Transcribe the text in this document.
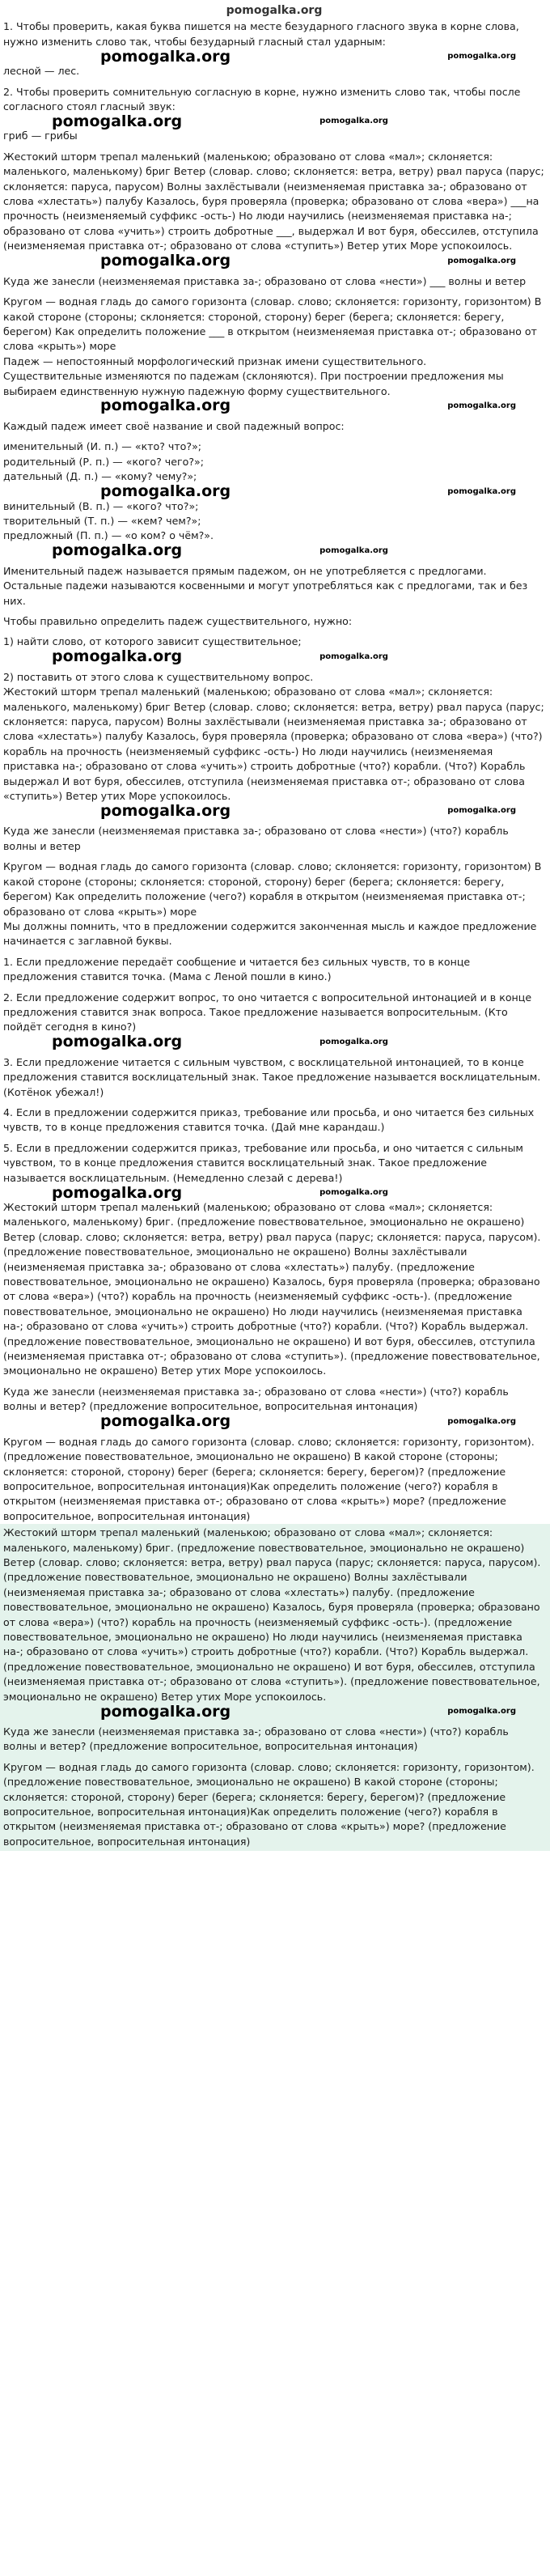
pomogalka.org

1. Чтобы проверить, какая буква пишется на месте безударного гласного звука в корне слова, нужно изменить слово так, чтобы безударный гласный стал ударным:

pomogalka.org	pomogalka.org

лесной — лес.

2. Чтобы проверить сомнительную согласную в корне, нужно изменить слово так, чтобы после согласного стоял гласный звук:

pomogalka.org	pomogalka.org

гриб — грибы

Жестокий шторм трепал маленький (маленькою; образовано от слова «мал»; склоняется: маленького, маленькому) бриг Ветер (словар. слово; склоняется: ветра, ветру) рвал паруса (парус; склоняется: паруса, парусом) Волны захлёстывали (неизменяемая приставка за-; образовано от слова «хлестать») палубу Казалось, буря проверяла (проверка; образовано от слова «вера») ___на прочность (неизменяемый суффикс -ость-) Но люди научились (неизменяемая приставка на-; образовано от слова «учить») строить добротные ___, выдержал И вот буря, обессилев, отступила (неизменяемая приставка от-; образовано от слова «ступить») Ветер утих Море успокоилось.

pomogalka.org	pomogalka.org

Куда же занесли (неизменяемая приставка за-; образовано от слова «нести») ___ волны и ветер

Кругом — водная гладь до самого горизонта (словар. слово; склоняется: горизонту, горизонтом) В какой стороне (стороны; склоняется: стороной, сторону) берег (берега; склоняется: берегу, берегом) Как определить положение ___ в открытом (неизменяемая приставка от-; образовано от слова «крыть») море

Падеж — непостоянный морфологический признак имени существительного.

Существительные изменяются по падежам (склоняются). При построении предложения мы выбираем единственную нужную падежную форму существительного.

pomogalka.org	pomogalka.org

Каждый падеж имеет своё название и свой падежный вопрос:

именительный (И. п.) — «кто? что?»;

родительный (Р. п.) — «кого? чего?»;

дательный (Д. п.) — «кому? чему?»;

pomogalka.org	pomogalka.org

винительный (В. п.) — «кого? что?»;

творительный (Т. п.) — «кем? чем?»;

предложный (П. п.) — «о ком? о чём?».

pomogalka.org	pomogalka.org

Именительный падеж называется прямым падежом, он не употребляется с предлогами. Остальные падежи называются косвенными и могут употребляться как с предлогами, так и без них.

Чтобы правильно определить падеж существительного, нужно:

1) найти слово, от которого зависит существительное;

pomogalka.org	pomogalka.org

2) поставить от этого слова к существительному вопрос.

Жестокий шторм трепал маленький (маленькою; образовано от слова «мал»; склоняется: маленького, маленькому) бриг Ветер (словар. слово; склоняется: ветра, ветру) рвал паруса (парус; склоняется: паруса, парусом) Волны захлёстывали (неизменяемая приставка за-; образовано от слова «хлестать») палубу Казалось, буря проверяла (проверка; образовано от слова «вера») (что?) корабль на прочность (неизменяемый суффикс -ость-) Но люди научились (неизменяемая приставка на-; образовано от слова «учить») строить добротные (что?) корабли. (Что?) Корабль выдержал И вот буря, обессилев, отступила (неизменяемая приставка от-; образовано от слова «ступить») Ветер утих Море успокоилось.

pomogalka.org	pomogalka.org

Куда же занесли (неизменяемая приставка за-; образовано от слова «нести») (что?) корабль волны и ветер

Кругом — водная гладь до самого горизонта (словар. слово; склоняется: горизонту, горизонтом) В какой стороне (стороны; склоняется: стороной, сторону) берег (берега; склоняется: берегу, берегом) Как определить положение (чего?) корабля в открытом (неизменяемая приставка от-; образовано от слова «крыть») море

Мы должны помнить, что в предложении содержится законченная мысль и каждое предложение начинается с заглавной буквы.

1. Если предложение передаёт сообщение и читается без сильных чувств, то в конце предложения ставится точка. (Мама с Леной пошли в кино.)

2. Если предложение содержит вопрос, то оно читается с вопросительной интонацией и в конце предложения ставится знак вопроса. Такое предложение называется вопросительным. (Кто пойдёт сегодня в кино?)

pomogalka.org	pomogalka.org

3. Если предложение читается с сильным чувством, с восклицательной интонацией, то в конце предложения ставится восклицательный знак. Такое предложение называется восклицательным. (Котёнок убежал!)

4. Если в предложении содержится приказ, требование или просьба, и оно читается без сильных чувств, то в конце предложения ставится точка. (Дай мне карандаш.)

5. Если в предложении содержится приказ, требование или просьба, и оно читается с сильным чувством, то в конце предложения ставится восклицательный знак. Такое предложение называется восклицательным. (Немедленно слезай с дерева!)

pomogalka.org	pomogalka.org

Жестокий шторм трепал маленький (маленькою; образовано от слова «мал»; склоняется: маленького, маленькому) бриг. (предложение повествовательное, эмоционально не окрашено) Ветер (словар. слово; склоняется: ветра, ветру) рвал паруса (парус; склоняется: паруса, парусом). (предложение повествовательное, эмоционально не окрашено) Волны захлёстывали (неизменяемая приставка за-; образовано от слова «хлестать») палубу. (предложение повествовательное, эмоционально не окрашено) Казалось, буря проверяла (проверка; образовано от слова «вера») (что?) корабль на прочность (неизменяемый суффикс -ость-). (предложение повествовательное, эмоционально не окрашено) Но люди научились (неизменяемая приставка на-; образовано от слова «учить») строить добротные (что?) корабли. (Что?) Корабль выдержал. (предложение повествовательное, эмоционально не окрашено) И вот буря, обессилев, отступила (неизменяемая приставка от-; образовано от слова «ступить»). (предложение повествовательное, эмоционально не окрашено) Ветер утих Море успокоилось.

Куда же занесли (неизменяемая приставка за-; образовано от слова «нести») (что?) корабль волны и ветер? (предложение вопросительное, вопросительная интонация)

pomogalka.org	pomogalka.org

Кругом — водная гладь до самого горизонта (словар. слово; склоняется: горизонту, горизонтом). (предложение повествовательное, эмоционально не окрашено) В какой стороне (стороны; склоняется: стороной, сторону) берег (берега; склоняется: берегу, берегом)? (предложение вопросительное, вопросительная интонация)Как определить положение (чего?) корабля в открытом (неизменяемая приставка от-; образовано от слова «крыть») море? (предложение вопросительное, вопросительная интонация)

Жестокий шторм трепал маленький (маленькою; образовано от слова «мал»; склоняется: маленького, маленькому) бриг. (предложение повествовательное, эмоционально не окрашено) Ветер (словар. слово; склоняется: ветра, ветру) рвал паруса (парус; склоняется: паруса, парусом). (предложение повествовательное, эмоционально не окрашено) Волны захлёстывали (неизменяемая приставка за-; образовано от слова «хлестать») палубу. (предложение повествовательное, эмоционально не окрашено) Казалось, буря проверяла (проверка; образовано от слова «вера») (что?) корабль на прочность (неизменяемый суффикс -ость-). (предложение повествовательное, эмоционально не окрашено) Но люди научились (неизменяемая приставка на-; образовано от слова «учить») строить добротные (что?) корабли. (Что?) Корабль выдержал. (предложение повествовательное, эмоционально не окрашено) И вот буря, обессилев, отступила (неизменяемая приставка от-; образовано от слова «ступить»). (предложение повествовательное, эмоционально не окрашено) Ветер утих Море успокоилось.

pomogalka.org	pomogalka.org

Куда же занесли (неизменяемая приставка за-; образовано от слова «нести») (что?) корабль волны и ветер? (предложение вопросительное, вопросительная интонация)

Кругом — водная гладь до самого горизонта (словар. слово; склоняется: горизонту, горизонтом). (предложение повествовательное, эмоционально не окрашено) В какой стороне (стороны; склоняется: стороной, сторону) берег (берега; склоняется: берегу, берегом)? (предложение вопросительное, вопросительная интонация)Как определить положение (чего?) корабля в открытом (неизменяемая приставка от-; образовано от слова «крыть») море? (предложение вопросительное, вопросительная интонация)
